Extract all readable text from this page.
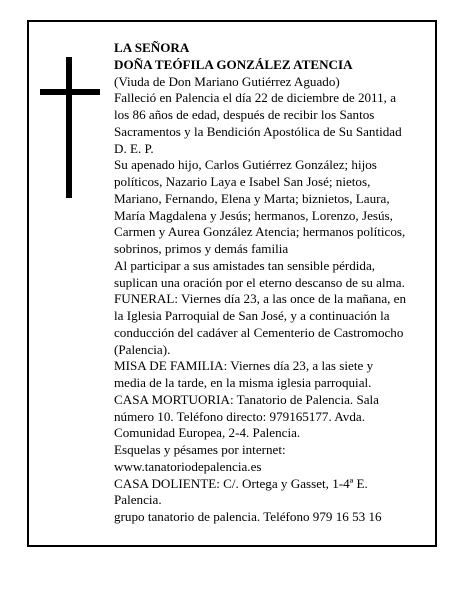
LA SEÑORA
DOÑA TEÓFILA GONZÁLEZ ATENCIA
(Viuda de Don Mariano Gutiérrez Aguado)
Falleció en Palencia el día 22 de diciembre de 2011, a
los 86 años de edad, después de recibir los Santos
Sacramentos y la Bendición Apostólica de Su Santidad
D. E. P.
Su apenado hijo, Carlos Gutiérrez González; hijos
políticos, Nazario Laya e Isabel San José; nietos,
Mariano, Fernando, Elena y Marta; biznietos, Laura,
María Magdalena y Jesús; hermanos, Lorenzo, Jesús,
Carmen y Aurea González Atencia; hermanos políticos,
sobrinos, primos y demás familia
Al participar a sus amistades tan sensible pérdida,
suplican una oración por el eterno descanso de su alma.
FUNERAL: Viernes día 23, a las once de la mañana, en
la Iglesia Parroquial de San José, y a continuación la
conducción del cadáver al Cementerio de Castromocho
(Palencia).
MISA DE FAMILIA: Viernes día 23, a las siete y
media de la tarde, en la misma iglesia parroquial.
CASA MORTUORIA: Tanatorio de Palencia. Sala
número 10. Teléfono directo: 979165177. Avda.
Comunidad Europea, 2-4. Palencia.
Esquelas y pésames por internet:
www.tanatoriodepalencia.es
CASA DOLIENTE: C/. Ortega y Gasset, 1-4ª E.
Palencia.
grupo tanatorio de palencia. Teléfono 979 16 53 16
